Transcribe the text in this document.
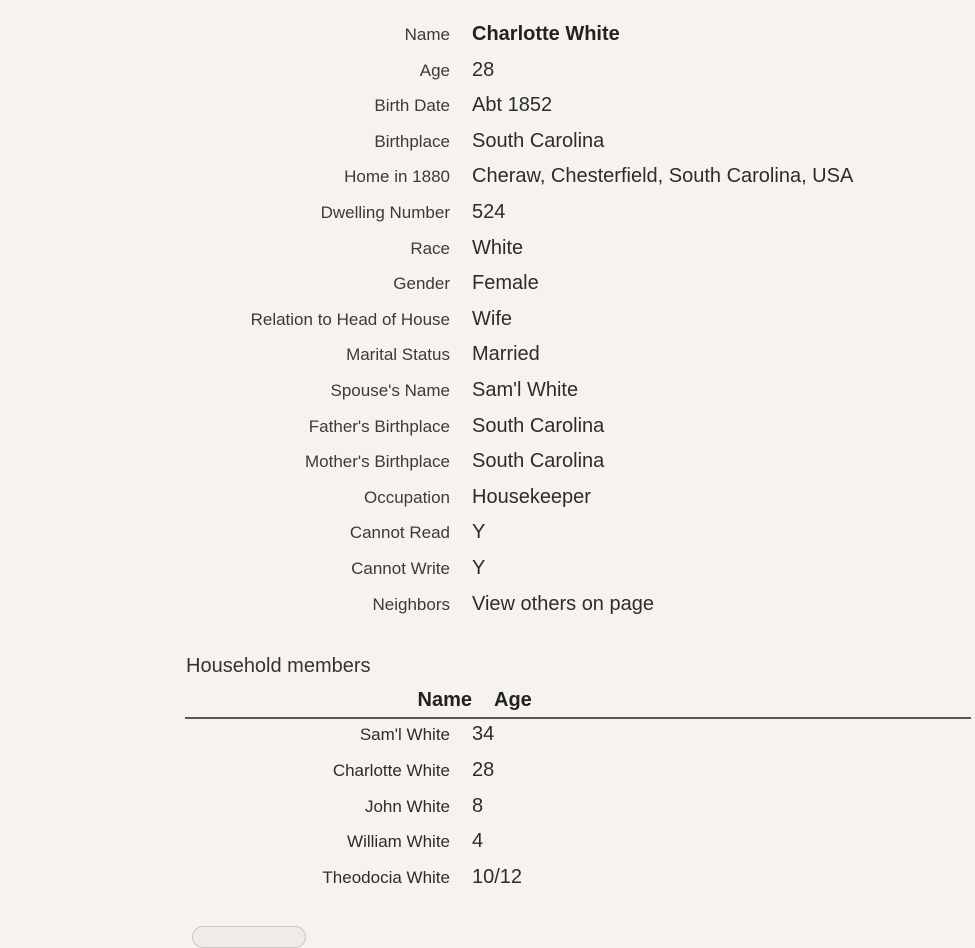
Name	Charlotte White
Age	28
Birth Date	Abt 1852
Birthplace	South Carolina
Home in 1880	Cheraw, Chesterfield, South Carolina, USA
Dwelling Number	524
Race	White
Gender	Female
Relation to Head of House	Wife
Marital Status	Married
Spouse's Name	Sam'l White
Father's Birthplace	South Carolina
Mother's Birthplace	South Carolina
Occupation	Housekeeper
Cannot Read	Y
Cannot Write	Y
Neighbors	View others on page
Household members
Name Age
Sam'l White	34
Charlotte White	28
John White	8
William White	4
Theodocia White	10/12
